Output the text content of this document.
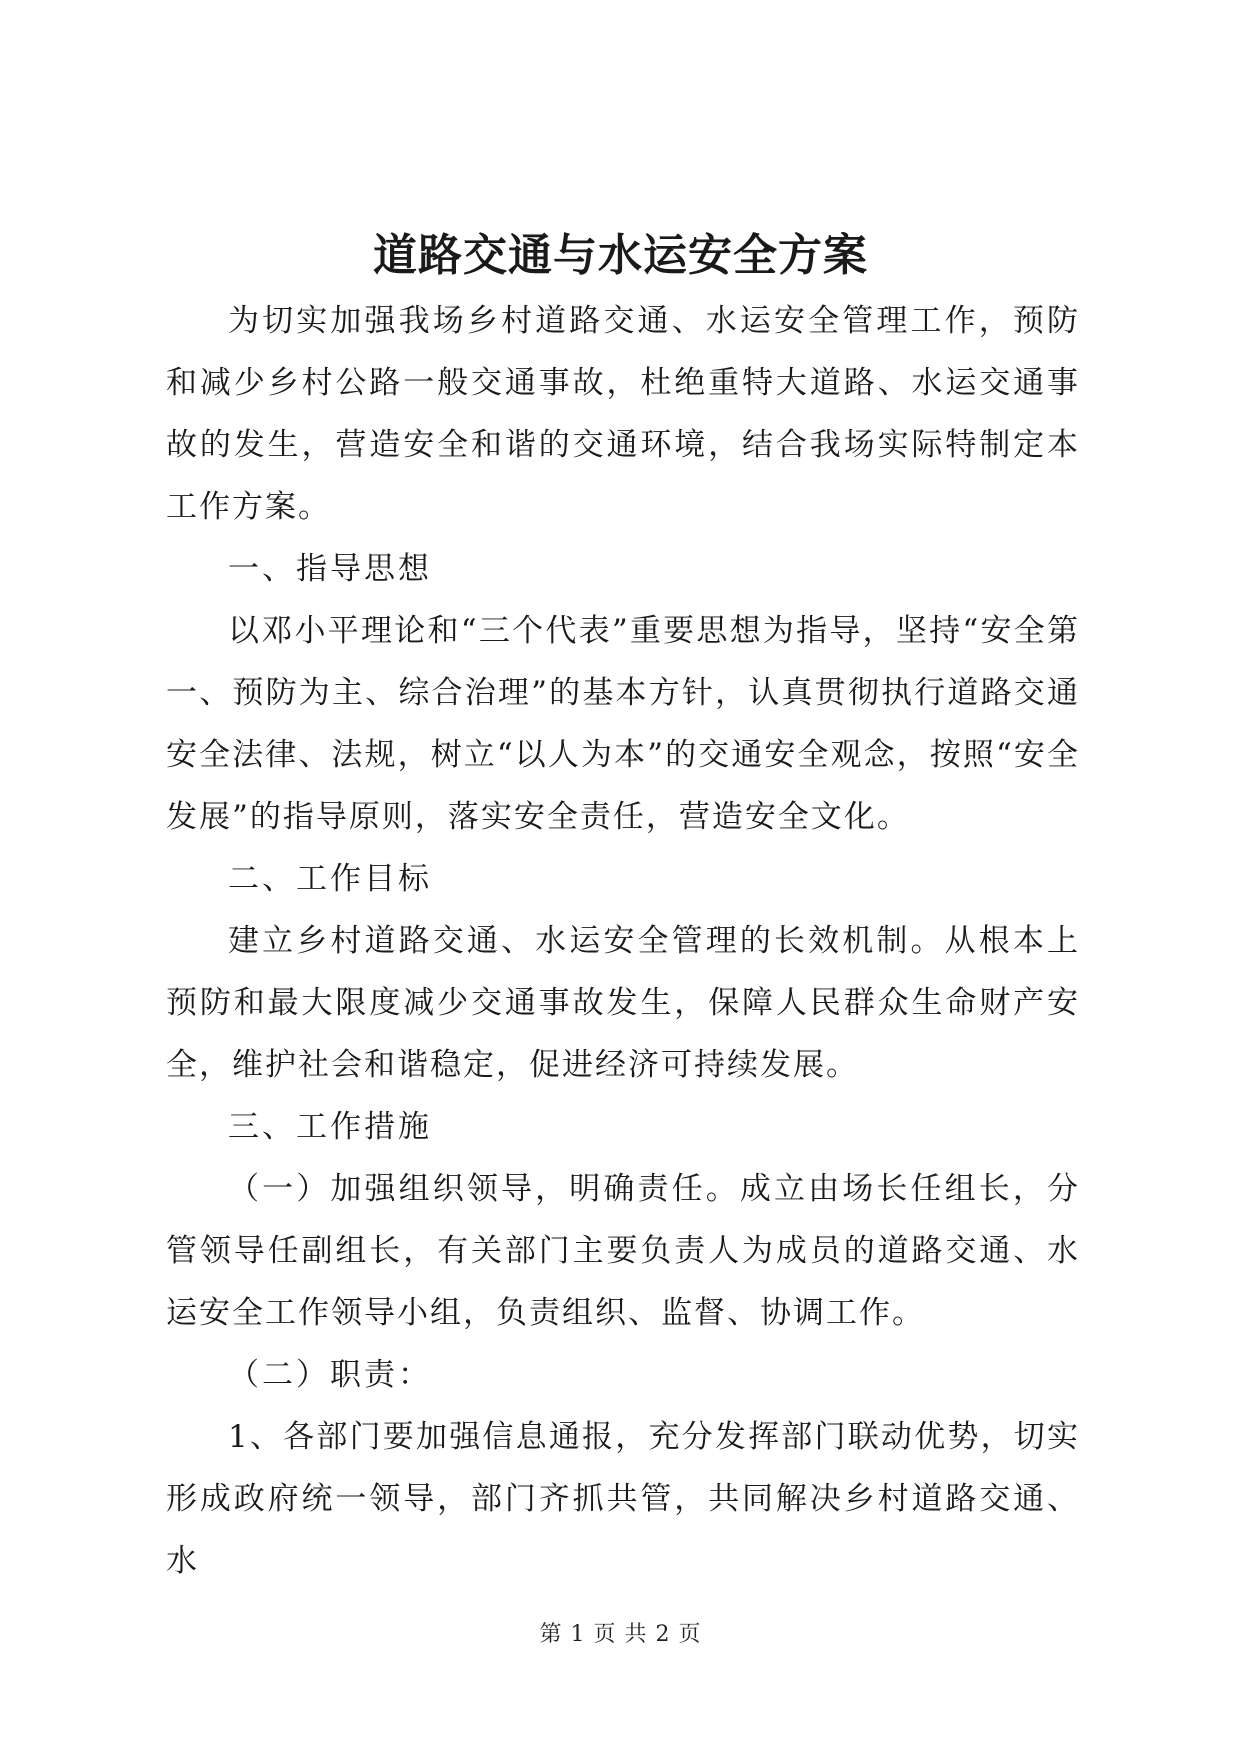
道路交通与水运安全方案

为切实加强我场乡村道路交通、水运安全管理工作，预防和减少乡村公路一般交通事故，杜绝重特大道路、水运交通事故的发生，营造安全和谐的交通环境，结合我场实际特制定本工作方案。

一、指导思想

以邓小平理论和“三个代表”重要思想为指导，坚持“安全第一、预防为主、综合治理”的基本方针，认真贯彻执行道路交通安全法律、法规，树立“以人为本”的交通安全观念，按照“安全发展”的指导原则，落实安全责任，营造安全文化。

二、工作目标

建立乡村道路交通、水运安全管理的长效机制。从根本上预防和最大限度减少交通事故发生，保障人民群众生命财产安全，维护社会和谐稳定，促进经济可持续发展。

三、工作措施

（一）加强组织领导，明确责任。成立由场长任组长，分管领导任副组长，有关部门主要负责人为成员的道路交通、水运安全工作领导小组，负责组织、监督、协调工作。

（二）职责：

1、各部门要加强信息通报，充分发挥部门联动优势，切实形成政府统一领导，部门齐抓共管，共同解决乡村道路交通、水

第 1 页 共 2 页
